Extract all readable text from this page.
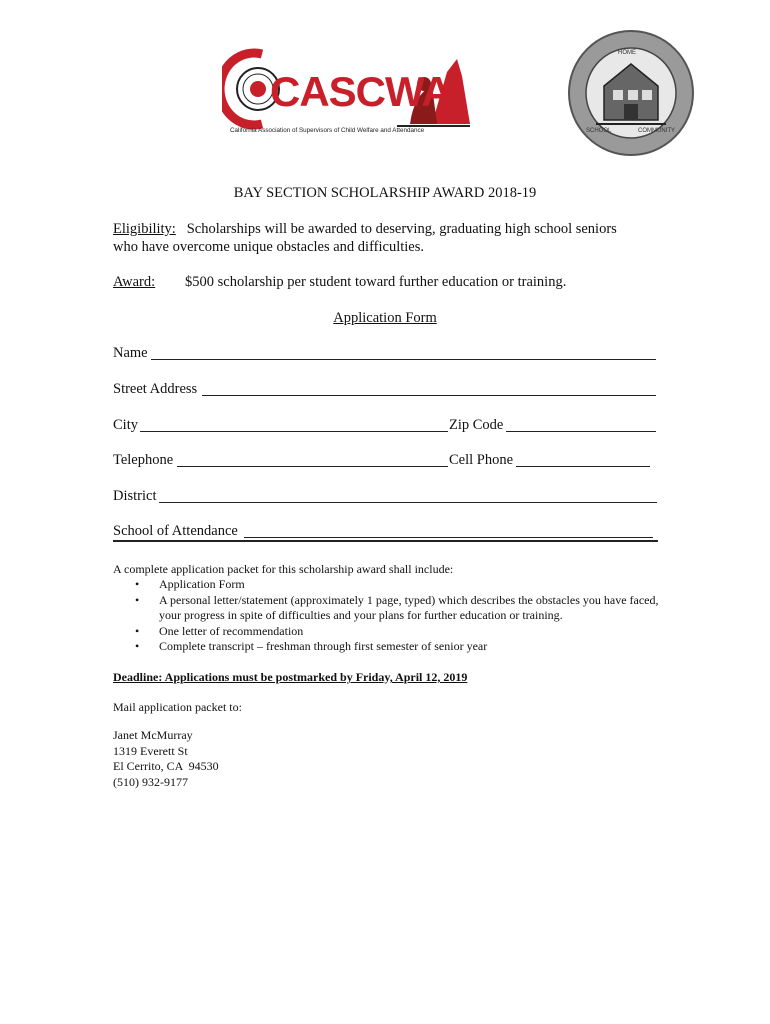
CASCWA
California Association of Supervisors of Child Welfare and Attendance
HOME
SCHOOL	COMMUNITY
BAY SECTION SCHOLARSHIP AWARD 2018-19
Eligibility: Scholarships will be awarded to deserving, graduating high school seniors
who have overcome unique obstacles and difficulties.
Award: $500 scholarship per student toward further education or training.
Application Form
Name
Street Address
City	Zip Code
Telephone	Cell Phone
District
School of Attendance
A complete application packet for this scholarship award shall include:
• Application Form
• A personal letter/statement (approximately 1 page, typed) which describes the obstacles you have faced, your progress in spite of difficulties and your plans for further education or training.
• One letter of recommendation
• Complete transcript – freshman through first semester of senior year
Deadline: Applications must be postmarked by Friday, April 12, 2019
Mail application packet to:
Janet McMurray
1319 Everett St
El Cerrito, CA  94530
(510) 932-9177
